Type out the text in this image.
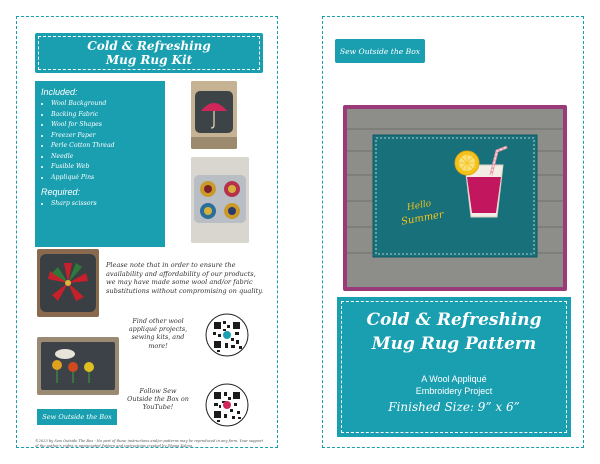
Cold & Refreshing
Mug Rug Kit
Included:
• Wool Background
• Backing Fabric
• Wool for Shapes
• Freezer Paper
• Perle Cotton Thread
• Needle
• Fusible Web
• Appliqué Pins
Required:
• Sharp scissors
Please note that in order to ensure the availability and affordability of our products, we may have made some wool and/or fabric substitutions without compromising on quality.
Find other wool appliqué projects, sewing kits, and more!
Follow Sew Outside the Box on YouTube!
Sew Outside the Box
©2023 by Sew Outside The Box - No part of these instructions and/or patterns may be reproduced in any form. Your support of the author's rights is appreciated.Pattern and instructions created by Dhana Kalma.
Sew Outside the Box
Hello
Summer
Cold & Refreshing
Mug Rug Pattern
A Wool Appliqué
Embroidery Project
Finished Size: 9” x 6”
